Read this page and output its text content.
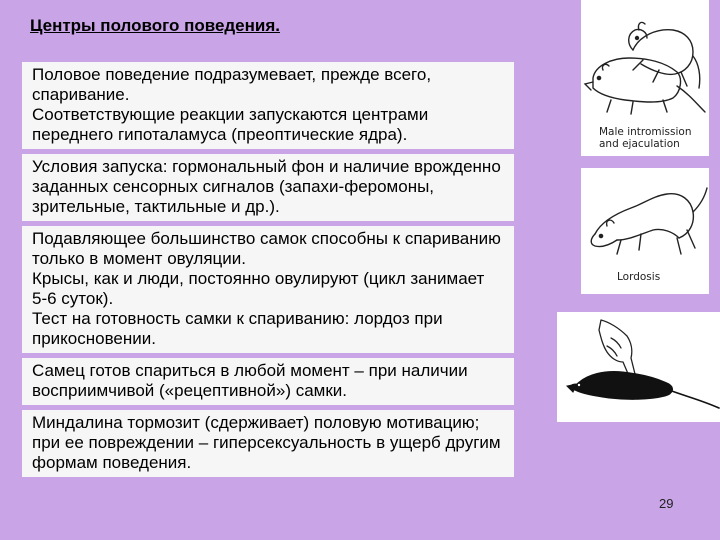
Центры полового поведения.
Половое поведение подразумевает, прежде всего, спаривание.
Соответствующие реакции запускаются центрами переднего гипоталамуса (преоптические ядра).
Условия запуска: гормональный фон и наличие врожденно заданных сенсорных сигналов (запахи-феромоны, зрительные, тактильные и др.).
Подавляющее большинство самок способны к спариванию только в момент овуляции.
Крысы, как и люди, постоянно овулируют (цикл занимает 5-6 суток).
Тест на готовность самки к спариванию: лордоз при прикосновении.
Самец готов спариться в любой момент – при наличии восприимчивой («рецептивной») самки.
Миндалина тормозит (сдерживает) половую мотивацию; при ее повреждении – гиперсексуальность в ущерб другим формам поведения.
Male intromission
and ejaculation
Lordosis
29
